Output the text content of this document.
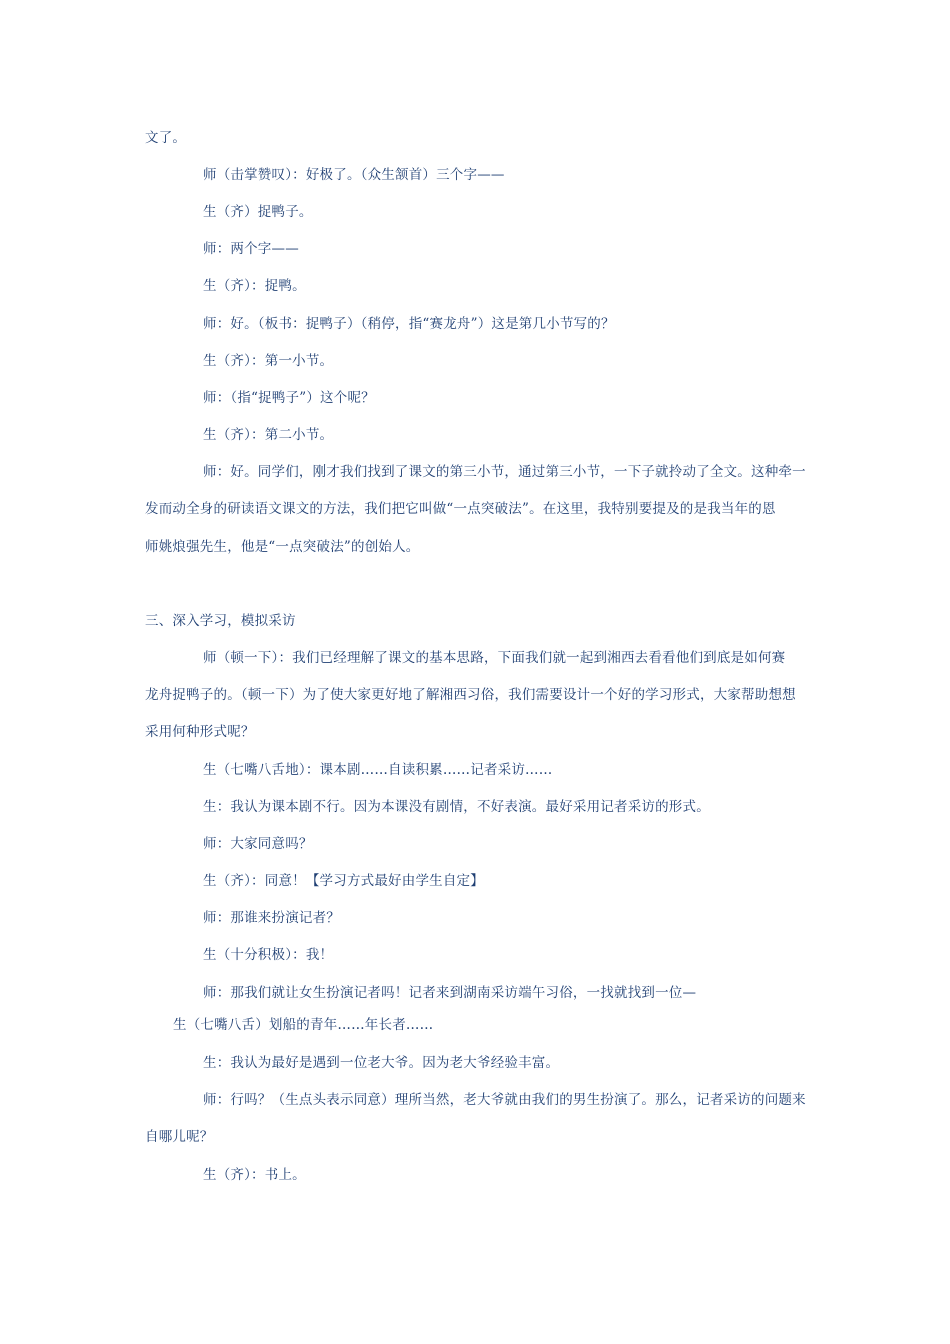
文了。
师（击掌赞叹）：好极了。（众生颔首）三个字——
生（齐）捉鸭子。
师：两个字——
生（齐）：捉鸭。
师：好。（板书：捉鸭子）（稍停，指“赛龙舟”）这是第几小节写的？
生（齐）：第一小节。
师：（指“捉鸭子”）这个呢？
生（齐）：第二小节。
师：好。同学们，刚才我们找到了课文的第三小节，通过第三小节，一下子就拎动了全文。这种牵一
发而动全身的研读语文课文的方法，我们把它叫做“一点突破法”。在这里，我特别要提及的是我当年的恩
师姚烺强先生，他是“一点突破法”的创始人。
三、深入学习，模拟采访
师（顿一下）：我们已经理解了课文的基本思路，下面我们就一起到湘西去看看他们到底是如何赛
龙舟捉鸭子的。（顿一下）为了使大家更好地了解湘西习俗，我们需要设计一个好的学习形式，大家帮助想想
采用何种形式呢？
生（七嘴八舌地）：课本剧……自读积累……记者采访……
生：我认为课本剧不行。因为本课没有剧情，不好表演。最好采用记者采访的形式。
师：大家同意吗？
生（齐）：同意！【学习方式最好由学生自定】
师：那谁来扮演记者？
生（十分积极）：我！
师：那我们就让女生扮演记者吗！记者来到湖南采访端午习俗，一找就找到一位—
生（七嘴八舌）划船的青年……年长者……
生：我认为最好是遇到一位老大爷。因为老大爷经验丰富。
师：行吗？（生点头表示同意）理所当然，老大爷就由我们的男生扮演了。那么，记者采访的问题来
自哪儿呢？
生（齐）：书上。
